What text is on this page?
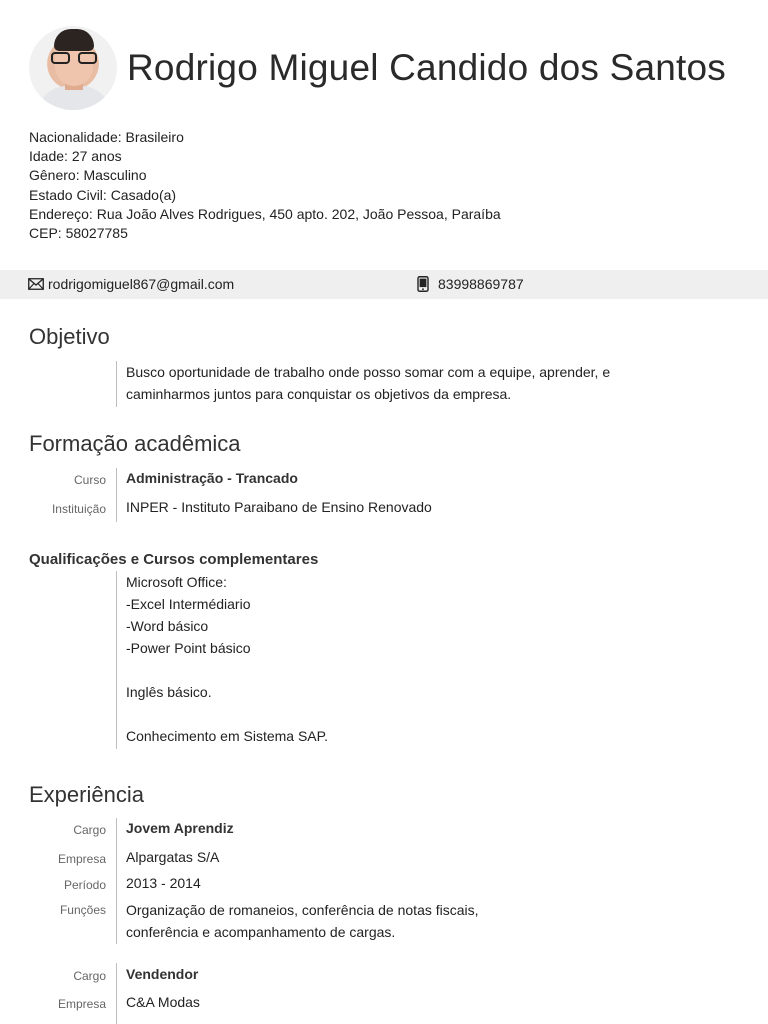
Rodrigo Miguel Candido dos Santos
Nacionalidade: Brasileiro
Idade: 27 anos
Gênero: Masculino
Estado Civil: Casado(a)
Endereço: Rua João Alves Rodrigues, 450 apto. 202, João Pessoa, Paraíba
CEP: 58027785
rodrigomiguel867@gmail.com	83998869787
Objetivo
Busco oportunidade de trabalho onde posso somar com a equipe, aprender, e
caminharmos juntos para conquistar os objetivos da empresa.
Formação acadêmica
Curso Administração - Trancado
Instituição INPER - Instituto Paraibano de Ensino Renovado
Qualificações e Cursos complementares
Microsoft Office:
-Excel Intermédiario
-Word básico
-Power Point básico
Inglês básico.
Conhecimento em Sistema SAP.
Experiência
Cargo Jovem Aprendiz
Empresa Alpargatas S/A
Período 2013 - 2014
Funções Organização de romaneios, conferência de notas fiscais,
conferência e acompanhamento de cargas.
Cargo Vendendor
Empresa C&A Modas
